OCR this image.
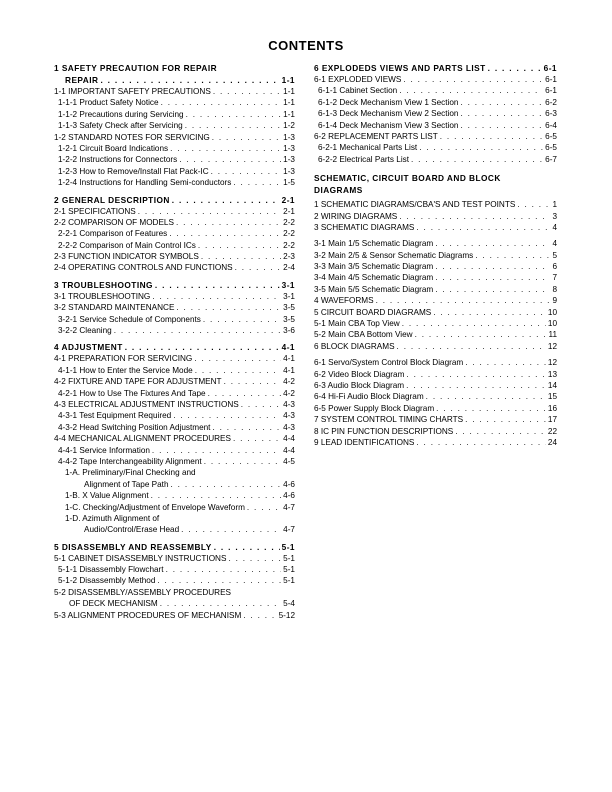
CONTENTS
1 SAFETY PRECAUTION FOR REPAIR
REPAIR . . .	1-1
1-1 IMPORTANT SAFETY PRECAUTIONS . . .	1-1
1-1-1 Product Safety Notice . . .	1-1
1-1-2 Precautions during Servicing . . .	1-1
1-1-3 Safety Check after Servicing . . .	1-2
1-2 STANDARD NOTES FOR SERVICING . . .	1-3
1-2-1 Circuit Board Indications . . .	1-3
1-2-2 Instructions for Connectors . . .	1-3
1-2-3 How to Remove/Install Flat Pack-IC . . .	1-3
1-2-4 Instructions for Handling Semi-conductors . . .	1-5
2 GENERAL DESCRIPTION . . .	2-1
2-1 SPECIFICATIONS . . .	2-1
2-2 COMPARISON OF MODELS . . .	2-2
2-2-1 Comparison of Features . . .	2-2
2-2-2 Comparison of Main Control ICs . . .	2-2
2-3 FUNCTION INDICATOR SYMBOLS . . .	2-3
2-4 OPERATING CONTROLS AND FUNCTIONS . . .	2-4
3 TROUBLESHOOTING . . .	3-1
3-1 TROUBLESHOOTING . . .	3-1
3-2 STANDARD MAINTENANCE . . .	3-5
3-2-1 Service Schedule of Components . . .	3-5
3-2-2 Cleaning . . .	3-6
4 ADJUSTMENT . . .	4-1
4-1 PREPARATION FOR SERVICING . . .	4-1
4-1-1 How to Enter the Service Mode . . .	4-1
4-2 FIXTURE AND TAPE FOR ADJUSTMENT . . .	4-2
4-2-1 How to Use The Fixtures And Tape . . .	4-2
4-3 ELECTRICAL ADJUSTMENT INSTRUCTIONS . . .	4-3
4-3-1 Test Equipment Required . . .	4-3
4-3-2 Head Switching Position Adjustment . . .	4-3
4-4 MECHANICAL ALIGNMENT PROCEDURES . . .	4-4
4-4-1 Service Information . . .	4-4
4-4-2 Tape Interchangeability Alignment . . .	4-5
1-A. Preliminary/Final Checking and
Alignment of Tape Path . . .	4-6
1-B. X Value Alignment . . .	4-6
1-C. Checking/Adjustment of Envelope Waveform . . .	4-7
1-D. Azimuth Alignment of
Audio/Control/Erase Head . . .	4-7
5 DISASSEMBLY AND REASSEMBLY . . .	5-1
5-1 CABINET DISASSEMBLY INSTRUCTIONS . . .	5-1
5-1-1 Disassembly Flowchart . . .	5-1
5-1-2 Disassembly Method . . .	5-1
5-2 DISASSEMBLY/ASSEMBLY PROCEDURES
OF DECK MECHANISM . . .	5-4
5-3 ALIGNMENT PROCEDURES OF MECHANISM . . .	5-12
6 EXPLODEDS VIEWS AND PARTS LIST . . .	6-1
6-1 EXPLODED VIEWS . . .	6-1
6-1-1 Cabinet Section . . .	6-1
6-1-2 Deck Mechanism View 1 Section . . .	6-2
6-1-3 Deck Mechanism View 2 Section . . .	6-3
6-1-4 Deck Mechanism View 3 Section . . .	6-4
6-2 REPLACEMENT PARTS LIST . . .	6-5
6-2-1 Mechanical Parts List . . .	6-5
6-2-2 Electrical Parts List . . .	6-7
SCHEMATIC, CIRCUIT BOARD AND BLOCK
DIAGRAMS
1 SCHEMATIC DIAGRAMS/CBA'S AND TEST POINTS . . .	1
2 WIRING DIAGRAMS . . .	3
3 SCHEMATIC DIAGRAMS . . .	4
3-1 Main 1/5 Schematic Diagram . . .	4
3-2 Main 2/5 & Sensor Schematic Diagrams . . .	5
3-3 Main 3/5 Schematic Diagram . . .	6
3-4 Main 4/5 Schematic Diagram . . .	7
3-5 Main 5/5 Schematic Diagram . . .	8
4 WAVEFORMS . . .	9
5 CIRCUIT BOARD DIAGRAMS . . .	10
5-1 Main CBA Top View . . .	10
5-2 Main CBA Bottom View . . .	11
6 BLOCK DIAGRAMS . . .	12
6-1 Servo/System Control Block Diagram . . .	12
6-2 Video Block Diagram . . .	13
6-3 Audio Block Diagram . . .	14
6-4 Hi-Fi Audio Block Diagram . . .	15
6-5 Power Supply Block Diagram . . .	16
7 SYSTEM CONTROL TIMING CHARTS . . .	17
8 IC PIN FUNCTION DESCRIPTIONS . . .	22
9 LEAD IDENTIFICATIONS . . .	24
